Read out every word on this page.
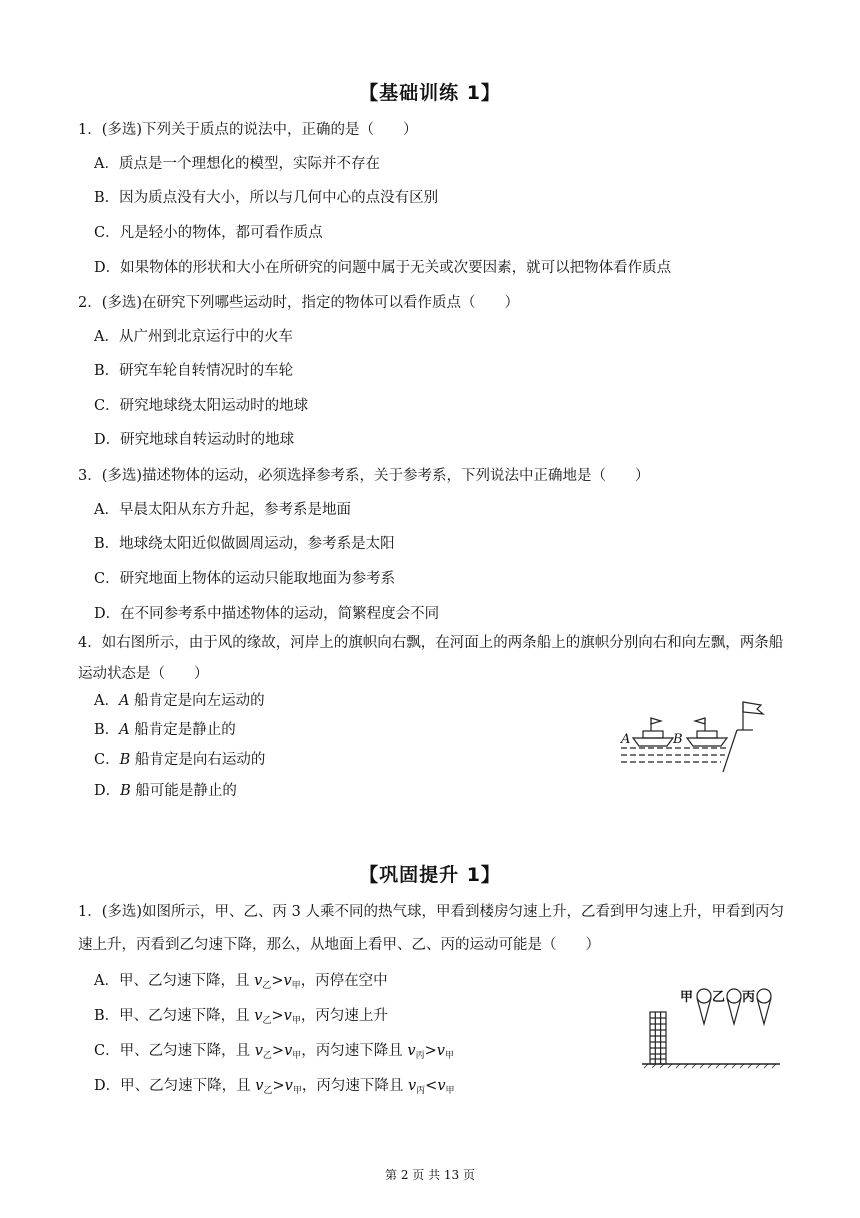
【基础训练 1】
1．(多选)下列关于质点的说法中，正确的是（　　）
A．质点是一个理想化的模型，实际并不存在
B．因为质点没有大小，所以与几何中心的点没有区别
C．凡是轻小的物体，都可看作质点
D．如果物体的形状和大小在所研究的问题中属于无关或次要因素，就可以把物体看作质点
2．(多选)在研究下列哪些运动时，指定的物体可以看作质点（　　）
A．从广州到北京运行中的火车
B．研究车轮自转情况时的车轮
C．研究地球绕太阳运动时的地球
D．研究地球自转运动时的地球
3．(多选)描述物体的运动，必须选择参考系，关于参考系，下列说法中正确地是（　　）
A．早晨太阳从东方升起，参考系是地面
B．地球绕太阳近似做圆周运动，参考系是太阳
C．研究地面上物体的运动只能取地面为参考系
D．在不同参考系中描述物体的运动，简繁程度会不同
4．如右图所示，由于风的缘故，河岸上的旗帜向右飘，在河面上的两条船上的旗帜分别向右和向左飘，两条船运动状态是（　　）
A．A 船肯定是向左运动的
B．A 船肯定是静止的
C．B 船肯定是向右运动的
D．B 船可能是静止的
A	B
【巩固提升 1】
1．(多选)如图所示，甲、乙、丙 3 人乘不同的热气球，甲看到楼房匀速上升，乙看到甲匀速上升，甲看到丙匀速上升，丙看到乙匀速下降，那么，从地面上看甲、乙、丙的运动可能是（　　）
A．甲、乙匀速下降，且 $v_乙>v_甲$，丙停在空中
B．甲、乙匀速下降，且 $v_乙>v_甲$，丙匀速上升
C．甲、乙匀速下降，且 $v_乙>v_甲$，丙匀速下降且 $v_丙>v_甲$
D．甲、乙匀速下降，且 $v_乙>v_甲$，丙匀速下降且 $v_丙<v_甲$
甲 乙 丙
第 2 页 共 13 页
